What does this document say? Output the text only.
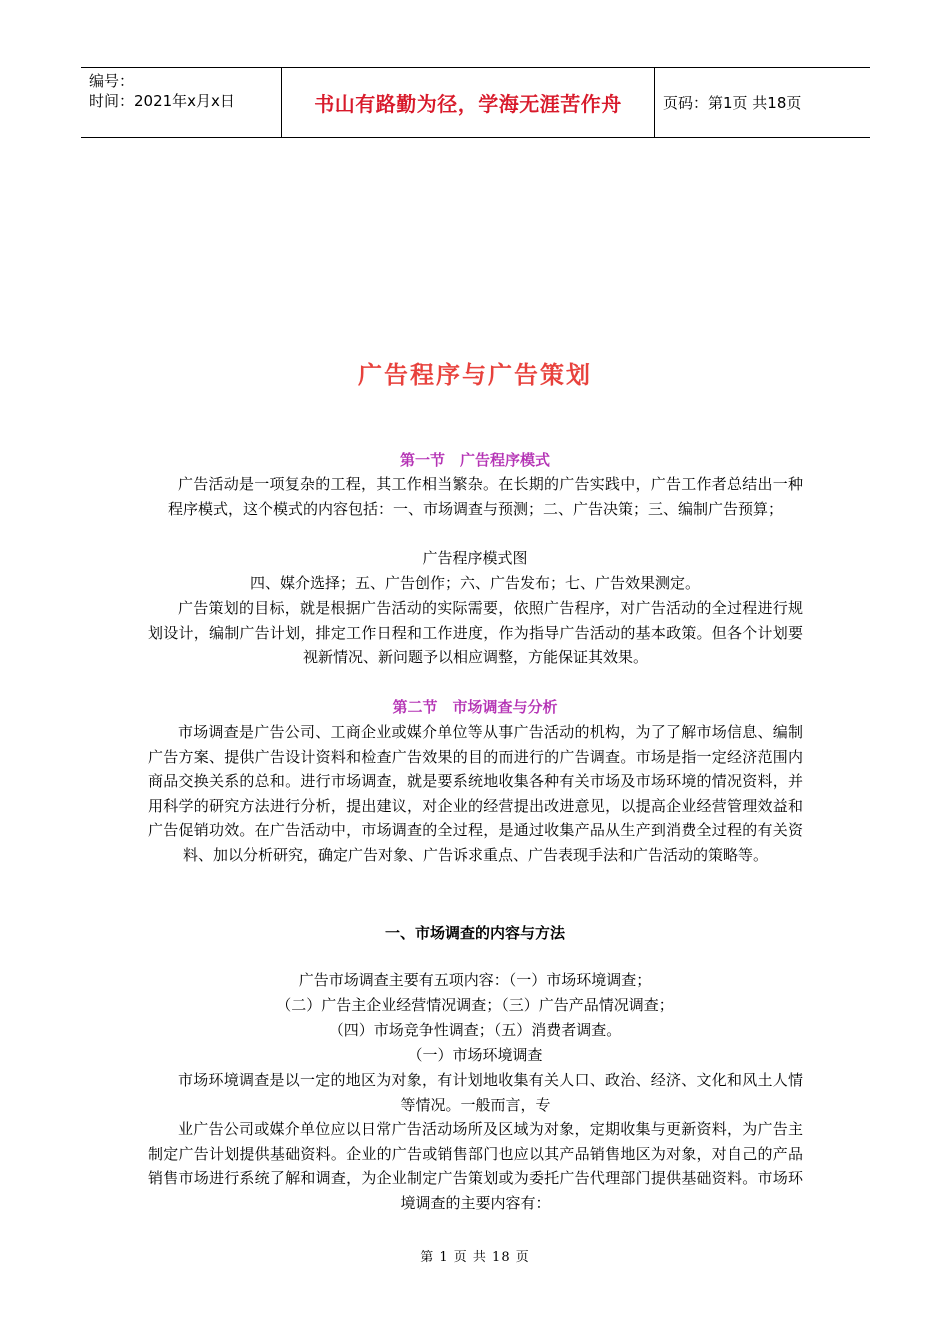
编号：
时间：2021年x月x日	书山有路勤为径，学海无涯苦作舟	页码：第1页 共18页
广告程序与广告策划
第一节　广告程序模式
广告活动是一项复杂的工程，其工作相当繁杂。在长期的广告实践中，广告工作者总结出一种程序模式，这个模式的内容包括：一、市场调查与预测；二、广告决策；三、编制广告预算；
广告程序模式图
四、媒介选择；五、广告创作；六、广告发布；七、广告效果测定。
广告策划的目标，就是根据广告活动的实际需要，依照广告程序，对广告活动的全过程进行规划设计，编制广告计划，排定工作日程和工作进度，作为指导广告活动的基本政策。但各个计划要视新情况、新问题予以相应调整，方能保证其效果。
第二节　市场调查与分析
市场调查是广告公司、工商企业或媒介单位等从事广告活动的机构，为了了解市场信息、编制广告方案、提供广告设计资料和检查广告效果的目的而进行的广告调查。市场是指一定经济范围内商品交换关系的总和。进行市场调查，就是要系统地收集各种有关市场及市场环境的情况资料，并用科学的研究方法进行分析，提出建议，对企业的经营提出改进意见，以提高企业经营管理效益和广告促销功效。在广告活动中，市场调查的全过程，是通过收集产品从生产到消费全过程的有关资料、加以分析研究，确定广告对象、广告诉求重点、广告表现手法和广告活动的策略等。
一、市场调查的内容与方法
广告市场调查主要有五项内容：（一）市场环境调查；
（二）广告主企业经营情况调查；（三）广告产品情况调查；
（四）市场竞争性调查；（五）消费者调查。
（一）市场环境调查
市场环境调查是以一定的地区为对象，有计划地收集有关人口、政治、经济、文化和风土人情等情况。一般而言，专
业广告公司或媒介单位应以日常广告活动场所及区域为对象，定期收集与更新资料，为广告主制定广告计划提供基础资料。企业的广告或销售部门也应以其产品销售地区为对象，对自己的产品销售市场进行系统了解和调查，为企业制定广告策划或为委托广告代理部门提供基础资料。市场环境调查的主要内容有：
第 1 页 共 18 页
